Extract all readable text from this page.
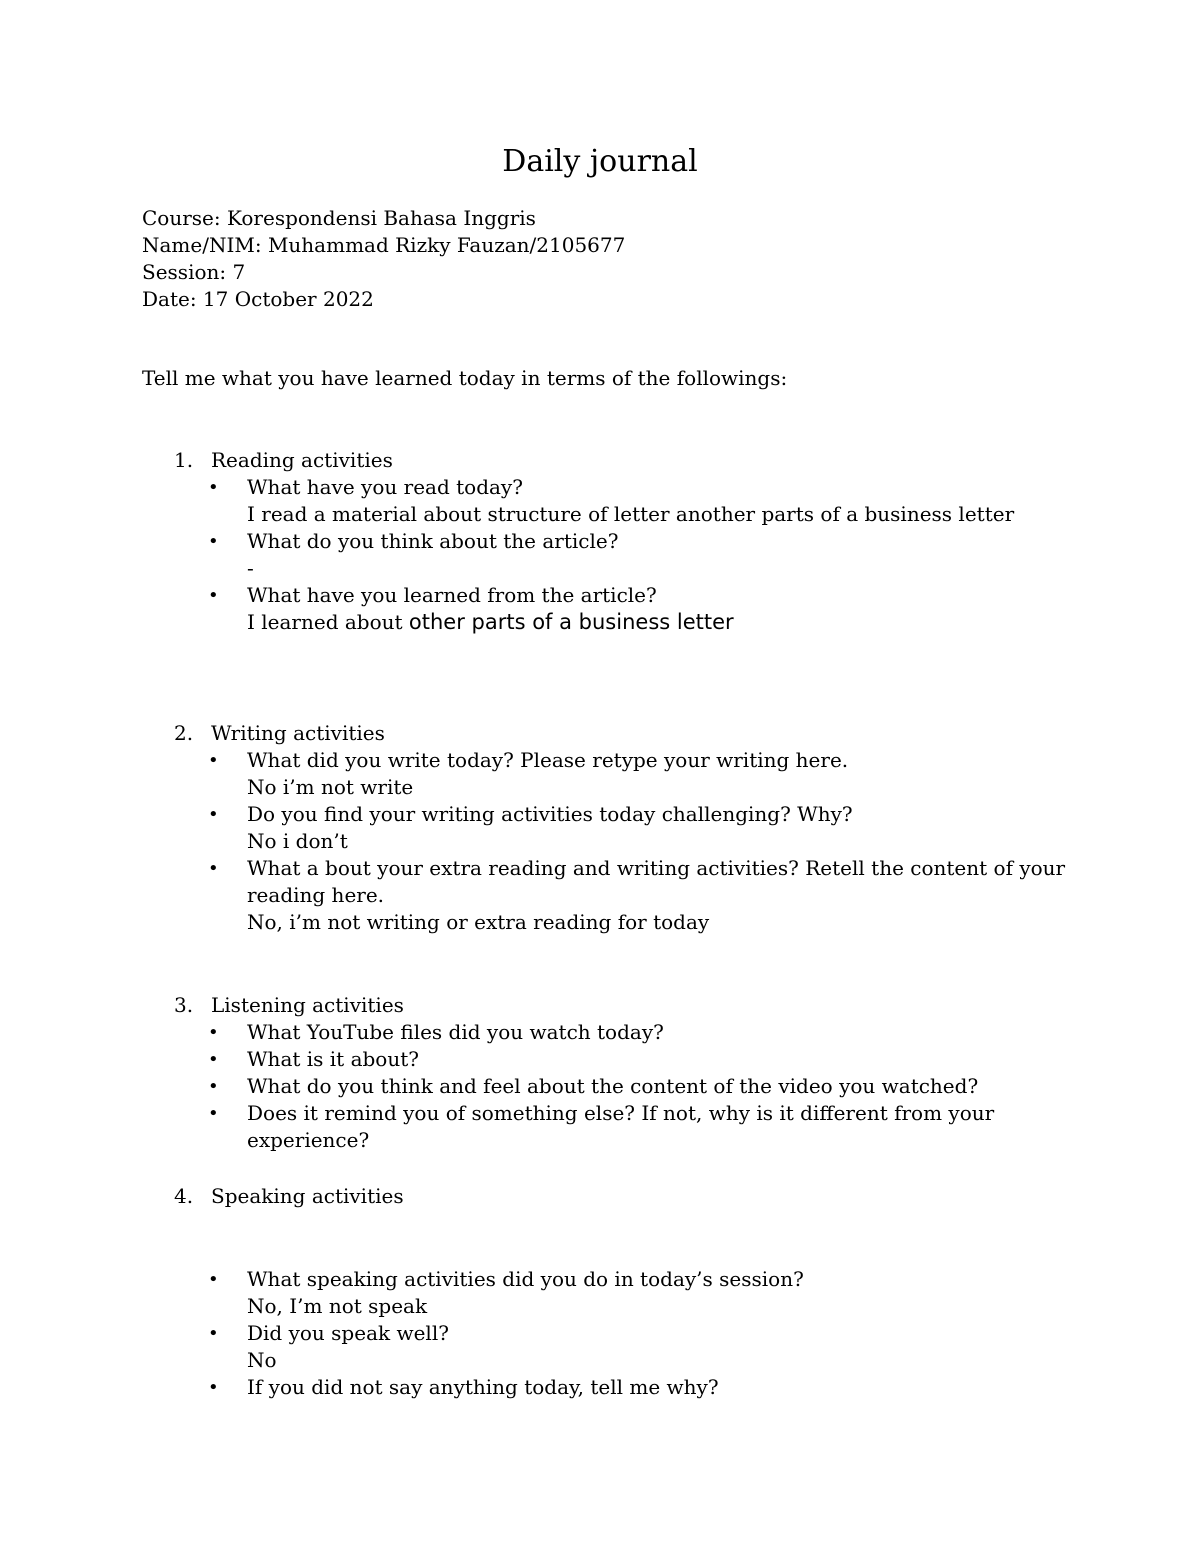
Daily journal
Course: Korespondensi Bahasa Inggris
Name/NIM: Muhammad Rizky Fauzan/2105677
Session: 7
Date: 17 October 2022
Tell me what you have learned today in terms of the followings:
1. Reading activities
• What have you read today?
I read a material about structure of letter another parts of a business letter
• What do you think about the article?
-
• What have you learned from the article?
I learned about other parts of a business letter
2. Writing activities
• What did you write today? Please retype your writing here.
No i’m not write
• Do you find your writing activities today challenging? Why?
No i don’t
• What a bout your extra reading and writing activities? Retell the content of your
reading here.
No, i’m not writing or extra reading for today
3. Listening activities
• What YouTube files did you watch today?
• What is it about?
• What do you think and feel about the content of the video you watched?
• Does it remind you of something else? If not, why is it different from your
experience?
4. Speaking activities
• What speaking activities did you do in today’s session?
No, I’m not speak
• Did you speak well?
No
• If you did not say anything today, tell me why?
